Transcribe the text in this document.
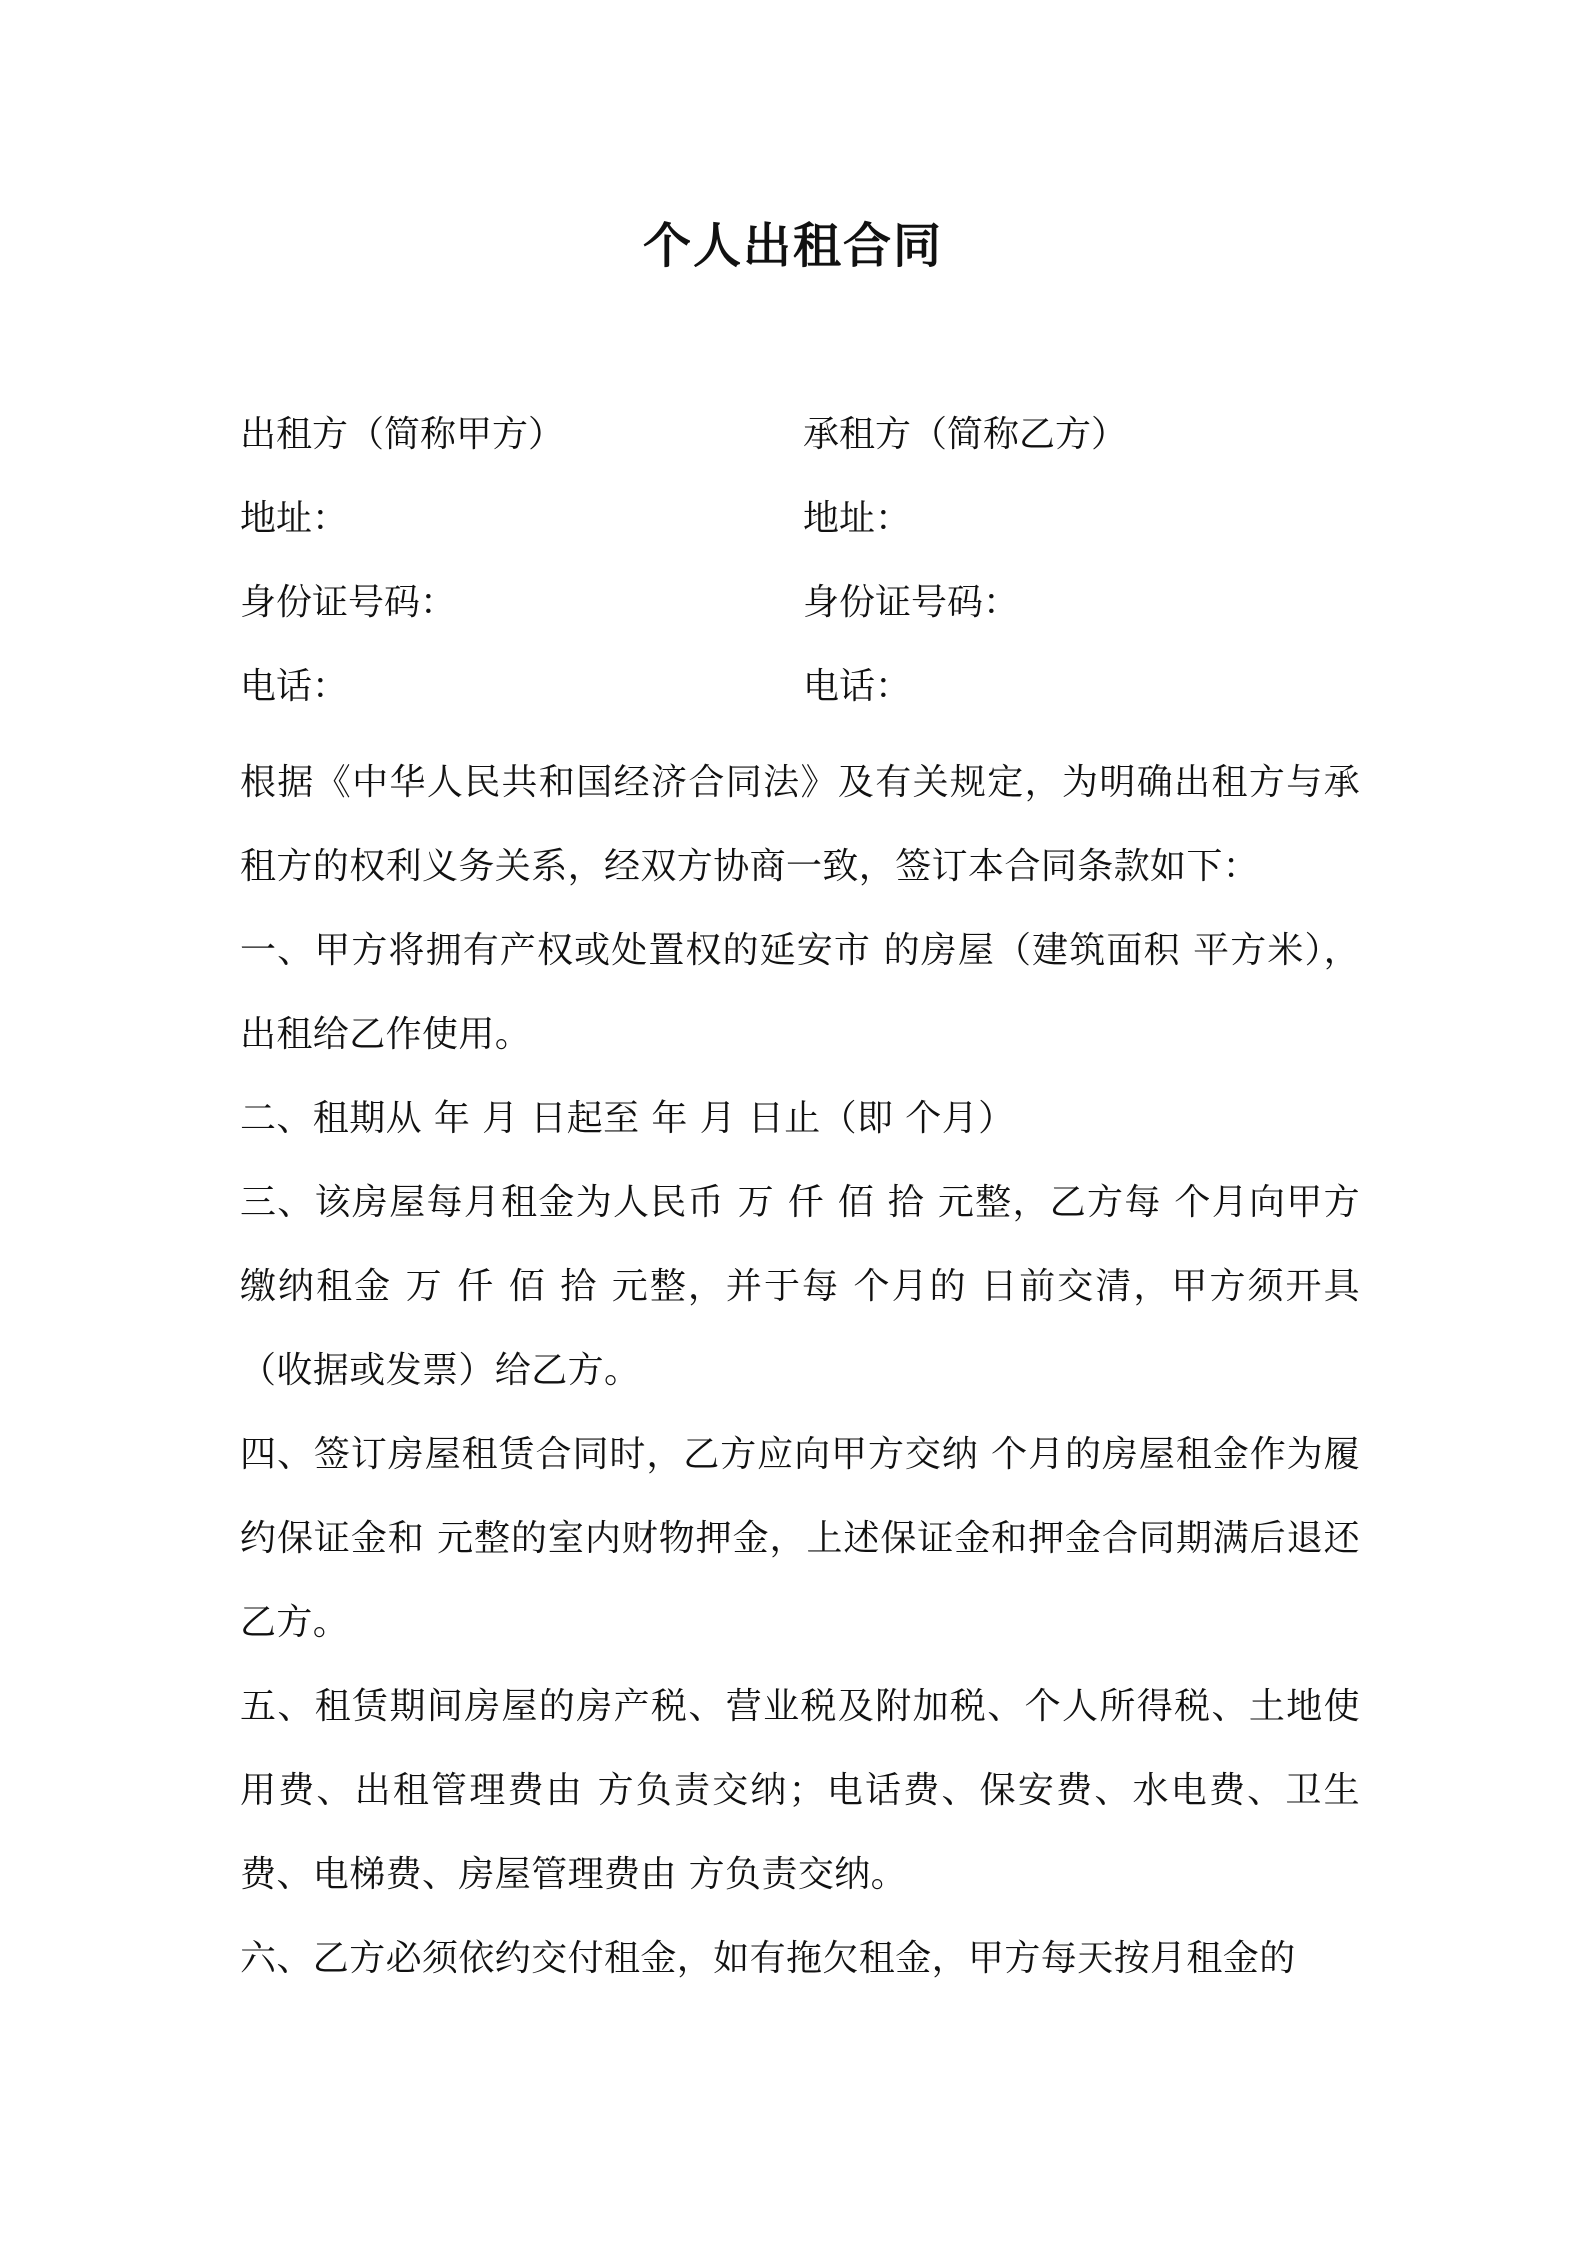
个人出租合同
出租方（简称甲方）	承租方（简称乙方）
地址：	地址：
身份证号码：	身份证号码：
电话：	电话：

根据《中华人民共和国经济合同法》及有关规定，为明确出租方与承租方的权利义务关系，经双方协商一致，签订本合同条款如下：

一、甲方将拥有产权或处置权的延安市 的房屋（建筑面积 平方米），出租给乙作使用。

二、租期从 年 月 日起至 年 月 日止（即 个月）

三、该房屋每月租金为人民币 万 仟 佰 拾 元整，乙方每 个月向甲方缴纳租金 万 仟 佰 拾 元整，并于每 个月的 日前交清，甲方须开具（收据或发票）给乙方。

四、签订房屋租赁合同时，乙方应向甲方交纳 个月的房屋租金作为履约保证金和 元整的室内财物押金，上述保证金和押金合同期满后退还乙方。

五、租赁期间房屋的房产税、营业税及附加税、个人所得税、土地使用费、出租管理费由 方负责交纳；电话费、保安费、水电费、卫生费、电梯费、房屋管理费由 方负责交纳。

六、乙方必须依约交付租金，如有拖欠租金，甲方每天按月租金的
